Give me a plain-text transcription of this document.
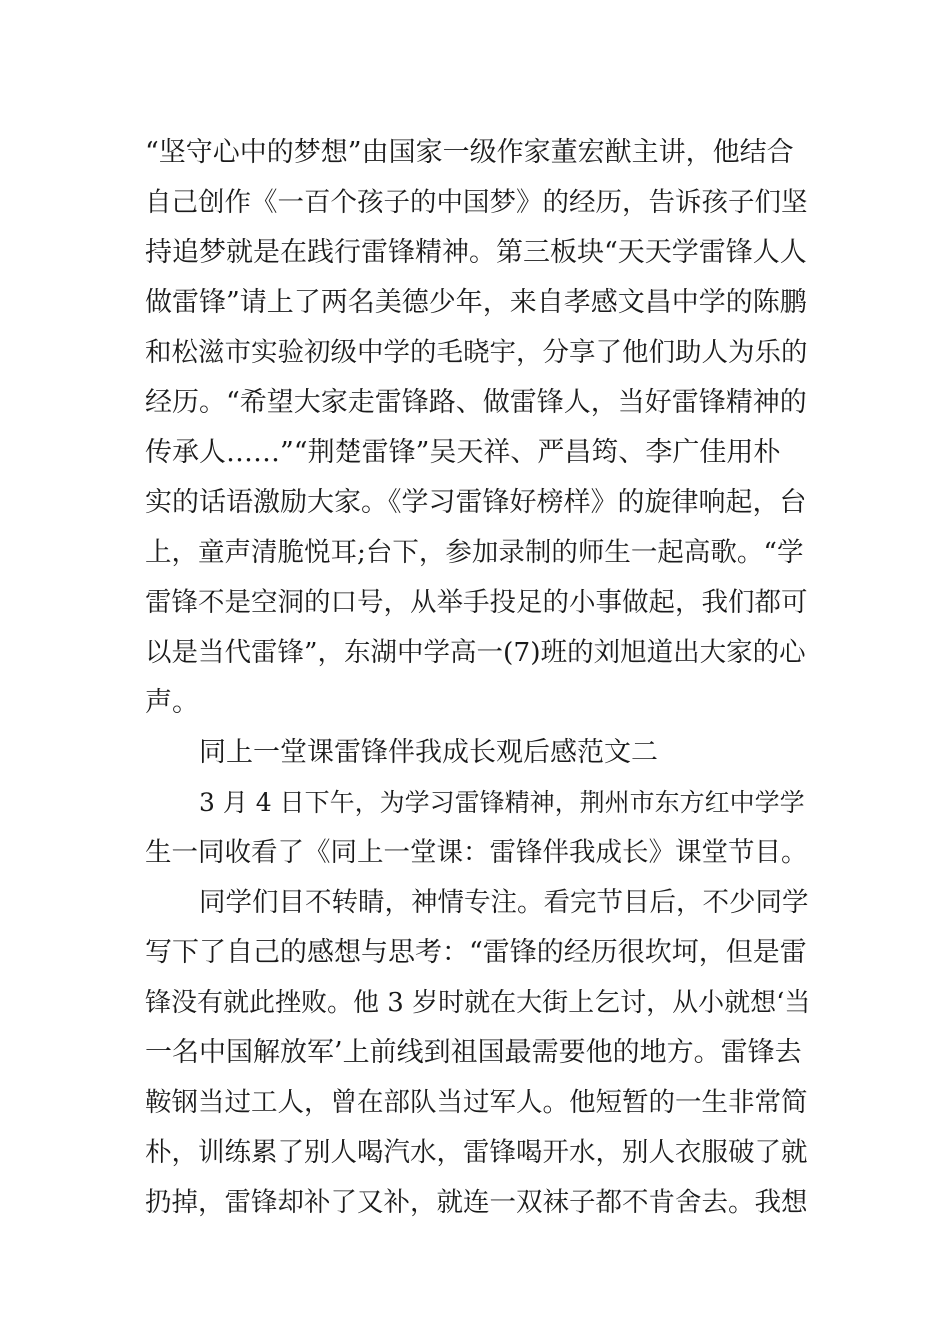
“坚守心中的梦想”由国家一级作家董宏猷主讲，他结合
自己创作《一百个孩子的中国梦》的经历，告诉孩子们坚
持追梦就是在践行雷锋精神。第三板块“天天学雷锋人人
做雷锋”请上了两名美德少年，来自孝感文昌中学的陈鹏
和松滋市实验初级中学的毛晓宇，分享了他们助人为乐的
经历。“希望大家走雷锋路、做雷锋人，当好雷锋精神的
传承人……”“荆楚雷锋”吴天祥、严昌筠、李广佳用朴
实的话语激励大家。《学习雷锋好榜样》的旋律响起，台
上，童声清脆悦耳;台下，参加录制的师生一起高歌。“学
雷锋不是空洞的口号，从举手投足的小事做起，我们都可
以是当代雷锋”，东湖中学高一(7)班的刘旭道出大家的心
声。
同上一堂课雷锋伴我成长观后感范文二
3 月 4 日下午，为学习雷锋精神，荆州市东方红中学学
生一同收看了《同上一堂课：雷锋伴我成长》课堂节目。
同学们目不转睛，神情专注。看完节目后，不少同学
写下了自己的感想与思考：“雷锋的经历很坎坷，但是雷
锋没有就此挫败。他 3 岁时就在大街上乞讨，从小就想‘当
一名中国解放军’上前线到祖国最需要他的地方。雷锋去
鞍钢当过工人，曾在部队当过军人。他短暂的一生非常简
朴，训练累了别人喝汽水，雷锋喝开水，别人衣服破了就
扔掉，雷锋却补了又补，就连一双袜子都不肯舍去。我想
